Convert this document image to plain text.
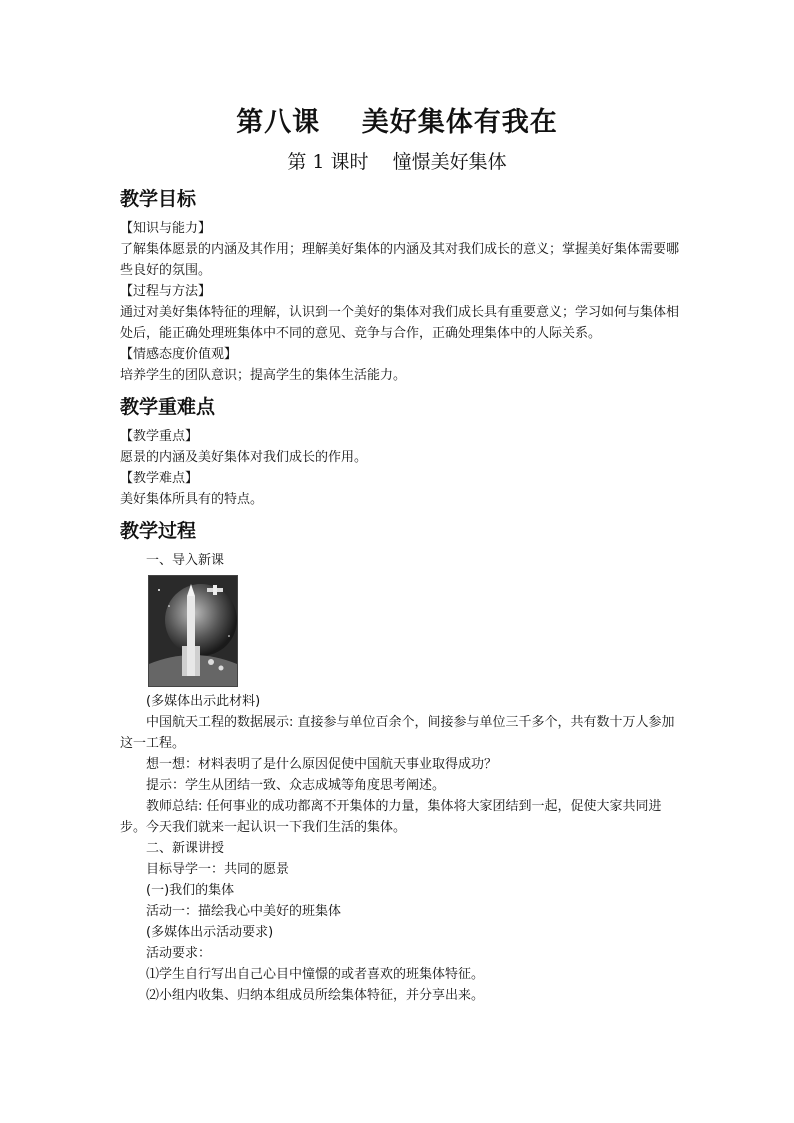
第八课    美好集体有我在
第 1 课时    憧憬美好集体
教学目标

【知识与能力】

了解集体愿景的内涵及其作用；理解美好集体的内涵及其对我们成长的意义；掌握美好集体需要哪些良好的氛围。

【过程与方法】

通过对美好集体特征的理解，认识到一个美好的集体对我们成长具有重要意义；学习如何与集体相处后，能正确处理班集体中不同的意见、竞争与合作，正确处理集体中的人际关系。

【情感态度价值观】

培养学生的团队意识；提高学生的集体生活能力。

教学重难点

【教学重点】

愿景的内涵及美好集体对我们成长的作用。

【教学难点】

美好集体所具有的特点。

教学过程

一、导入新课

(多媒体出示此材料)

中国航天工程的数据展示: 直接参与单位百余个，间接参与单位三千多个，共有数十万人参加这一工程。

想一想：材料表明了是什么原因促使中国航天事业取得成功？

提示：学生从团结一致、众志成城等角度思考阐述。

教师总结: 任何事业的成功都离不开集体的力量，集体将大家团结到一起，促使大家共同进步。今天我们就来一起认识一下我们生活的集体。

二、新课讲授

目标导学一：共同的愿景

(一)我们的集体

活动一：描绘我心中美好的班集体

(多媒体出示活动要求)

活动要求：

⑴学生自行写出自己心目中憧憬的或者喜欢的班集体特征。

⑵小组内收集、归纳本组成员所绘集体特征，并分享出来。
